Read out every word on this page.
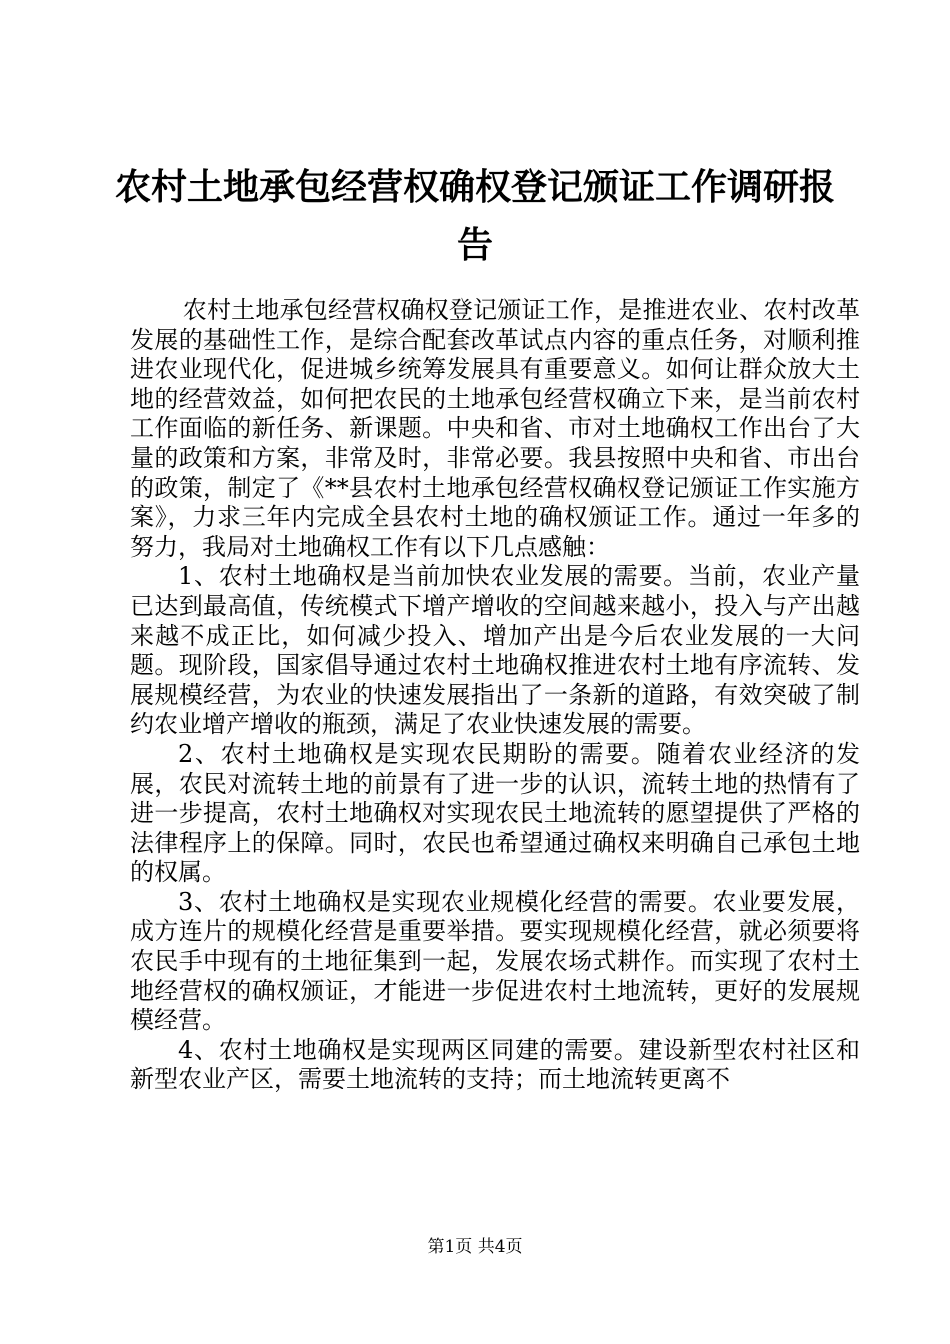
农村土地承包经营权确权登记颁证工作调研报告

农村土地承包经营权确权登记颁证工作，是推进农业、农村改革发展的基础性工作，是综合配套改革试点内容的重点任务，对顺利推进农业现代化，促进城乡统筹发展具有重要意义。如何让群众放大土地的经营效益，如何把农民的土地承包经营权确立下来，是当前农村工作面临的新任务、新课题。中央和省、市对土地确权工作出台了大量的政策和方案，非常及时，非常必要。我县按照中央和省、市出台的政策，制定了《**县农村土地承包经营权确权登记颁证工作实施方案》，力求三年内完成全县农村土地的确权颁证工作。通过一年多的努力，我局对土地确权工作有以下几点感触：

1、农村土地确权是当前加快农业发展的需要。当前，农业产量已达到最高值，传统模式下增产增收的空间越来越小，投入与产出越来越不成正比，如何减少投入、增加产出是今后农业发展的一大问题。现阶段，国家倡导通过农村土地确权推进农村土地有序流转、发展规模经营，为农业的快速发展指出了一条新的道路，有效突破了制约农业增产增收的瓶颈，满足了农业快速发展的需要。

2、农村土地确权是实现农民期盼的需要。随着农业经济的发展，农民对流转土地的前景有了进一步的认识，流转土地的热情有了进一步提高，农村土地确权对实现农民土地流转的愿望提供了严格的法律程序上的保障。同时，农民也希望通过确权来明确自己承包土地的权属。

3、农村土地确权是实现农业规模化经营的需要。农业要发展，成方连片的规模化经营是重要举措。要实现规模化经营，就必须要将农民手中现有的土地征集到一起，发展农场式耕作。而实现了农村土地经营权的确权颁证，才能进一步促进农村土地流转，更好的发展规模经营。

4、农村土地确权是实现两区同建的需要。建设新型农村社区和新型农业产区，需要土地流转的支持；而土地流转更离不

第1页 共4页
